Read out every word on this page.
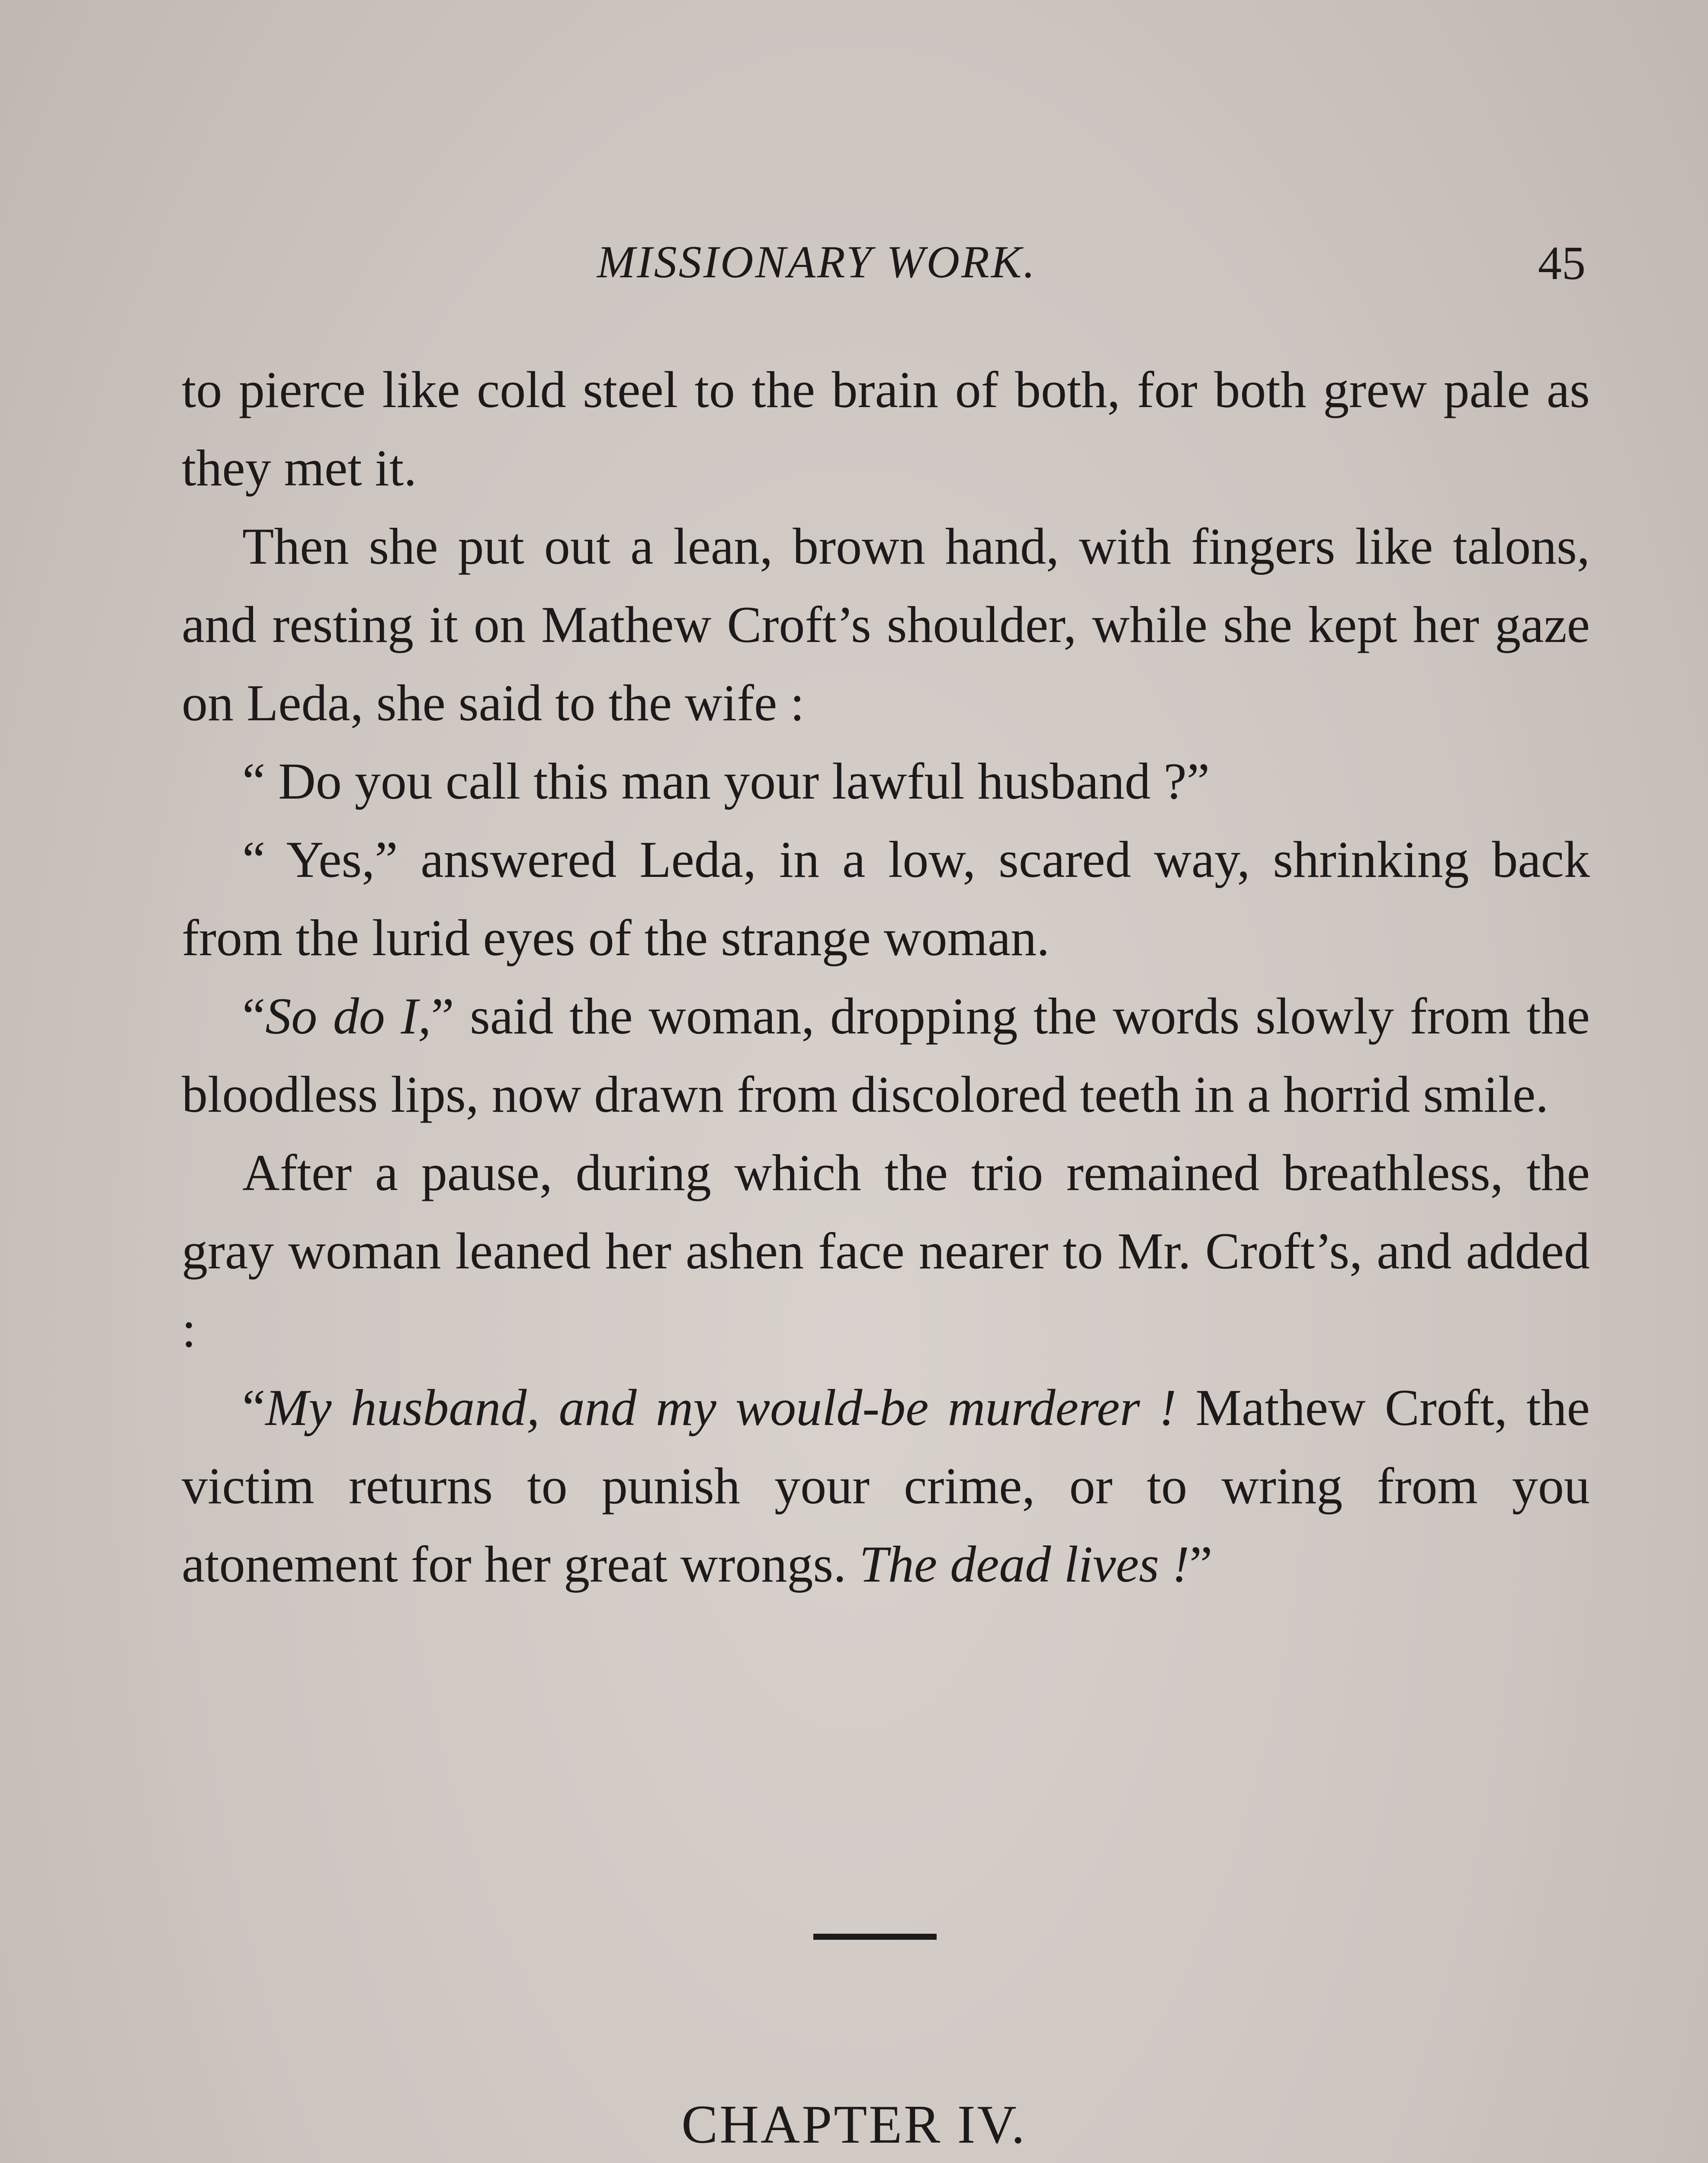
MISSIONARY WORK.	45

to pierce like cold steel to the brain of both, for both grew pale as they met it.

Then she put out a lean, brown hand, with fingers like talons, and resting it on Mathew Croft’s shoulder, while she kept her gaze on Leda, she said to the wife :

“ Do you call this man your lawful husband ?”

“ Yes,” answered Leda, in a low, scared way, shrinking back from the lurid eyes of the strange woman.

“So do I,” said the woman, dropping the words slowly from the bloodless lips, now drawn from discolored teeth in a horrid smile.

After a pause, during which the trio remained breathless, the gray woman leaned her ashen face nearer to Mr. Croft’s, and added :

“My husband, and my would-be murderer ! Mathew Croft, the victim returns to punish your crime, or to wring from you atonement for her great wrongs. The dead lives !”

CHAPTER IV.
